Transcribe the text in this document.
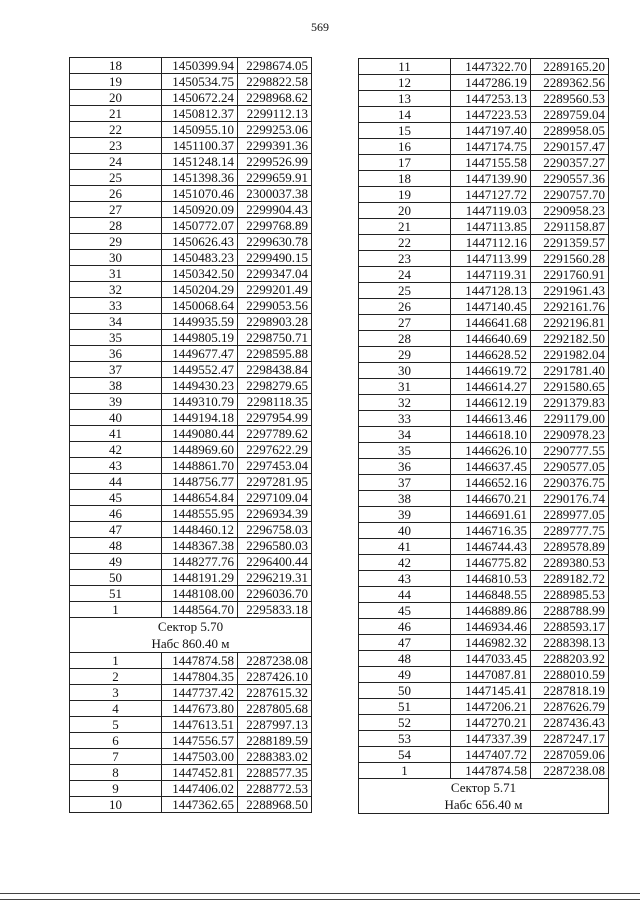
569
18	1450399.94	2298674.05
19	1450534.75	2298822.58
20	1450672.24	2298968.62
21	1450812.37	2299112.13
22	1450955.10	2299253.06
23	1451100.37	2299391.36
24	1451248.14	2299526.99
25	1451398.36	2299659.91
26	1451070.46	2300037.38
27	1450920.09	2299904.43
28	1450772.07	2299768.89
29	1450626.43	2299630.78
30	1450483.23	2299490.15
31	1450342.50	2299347.04
32	1450204.29	2299201.49
33	1450068.64	2299053.56
34	1449935.59	2298903.28
35	1449805.19	2298750.71
36	1449677.47	2298595.88
37	1449552.47	2298438.84
38	1449430.23	2298279.65
39	1449310.79	2298118.35
40	1449194.18	2297954.99
41	1449080.44	2297789.62
42	1448969.60	2297622.29
43	1448861.70	2297453.04
44	1448756.77	2297281.95
45	1448654.84	2297109.04
46	1448555.95	2296934.39
47	1448460.12	2296758.03
48	1448367.38	2296580.03
49	1448277.76	2296400.44
50	1448191.29	2296219.31
51	1448108.00	2296036.70
1	1448564.70	2295833.18

Сектор 5.70
Набс 860.40 м		

1	1447874.58	2287238.08
2	1447804.35	2287426.10
3	1447737.42	2287615.32
4	1447673.80	2287805.68
5	1447613.51	2287997.13
6	1447556.57	2288189.59
7	1447503.00	2288383.02
8	1447452.81	2288577.35
9	1447406.02	2288772.53
10	1447362.65	2288968.50
11	1447322.70	2289165.20
12	1447286.19	2289362.56
13	1447253.13	2289560.53
14	1447223.53	2289759.04
15	1447197.40	2289958.05
16	1447174.75	2290157.47
17	1447155.58	2290357.27
18	1447139.90	2290557.36
19	1447127.72	2290757.70
20	1447119.03	2290958.23
21	1447113.85	2291158.87
22	1447112.16	2291359.57
23	1447113.99	2291560.28
24	1447119.31	2291760.91
25	1447128.13	2291961.43
26	1447140.45	2292161.76
27	1446641.68	2292196.81
28	1446640.69	2292182.50
29	1446628.52	2291982.04
30	1446619.72	2291781.40
31	1446614.27	2291580.65
32	1446612.19	2291379.83
33	1446613.46	2291179.00
34	1446618.10	2290978.23
35	1446626.10	2290777.55
36	1446637.45	2290577.05
37	1446652.16	2290376.75
38	1446670.21	2290176.74
39	1446691.61	2289977.05
40	1446716.35	2289777.75
41	1446744.43	2289578.89
42	1446775.82	2289380.53
43	1446810.53	2289182.72
44	1446848.55	2288985.53
45	1446889.86	2288788.99
46	1446934.46	2288593.17
47	1446982.32	2288398.13
48	1447033.45	2288203.92
49	1447087.81	2288010.59
50	1447145.41	2287818.19
51	1447206.21	2287626.79
52	1447270.21	2287436.43
53	1447337.39	2287247.17
54	1447407.72	2287059.06
1	1447874.58	2287238.08

Сектор 5.71
Набс 656.40 м		
